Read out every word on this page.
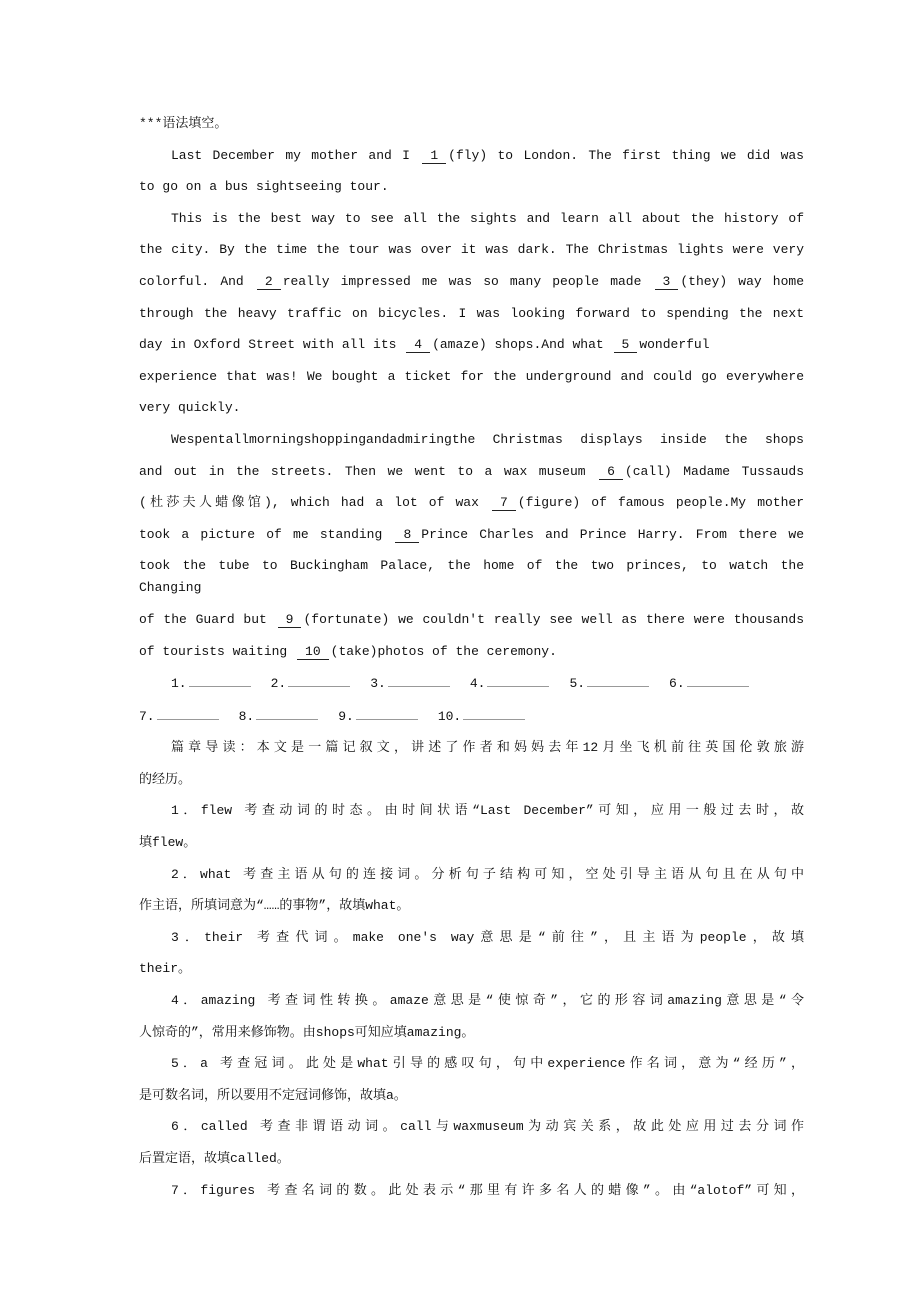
***语法填空。
Last December my mother and I 1 (fly) to London. The first thing we did was
to go on a bus sightseeing tour.
This is the best way to see all the sights and learn all about the history of
the city. By the time the tour was over it was dark. The Christmas lights were very
colorful. And 2 really impressed me was so many people made 3 (they) way home
through the heavy traffic on bicycles. I was looking forward to spending the next
day in Oxford Street with all its 4 (amaze) shops.And what 5 wonderful
experience that was! We bought a ticket for the underground and could go everywhere
very quickly.
Wespentallmorningshoppingandadmiringthe Christmas displays inside the shops
and out in the streets. Then we went to a wax museum 6 (call) Madame Tussauds
(杜莎夫人蜡像馆), which had a lot of wax 7 (figure) of famous people.My mother
took a picture of me standing 8 Prince Charles and Prince Harry. From there we
took the tube to Buckingham Palace, the home of the two princes, to watch the Changing
of the Guard but 9 (fortunate) we couldn't really see well as there were thousands
of tourists waiting 10 (take)photos of the ceremony.
1.	2.	3.	4.	5.	6.
7.	8.	9.	10.
篇章导读：本文是一篇记叙文，讲述了作者和妈妈去年12月坐飞机前往英国伦敦旅游
的经历。
1．flew 考查动词的时态。由时间状语“Last December”可知，应用一般过去时，故
填flew。
2．what 考查主语从句的连接词。分析句子结构可知，空处引导主语从句且在从句中
作主语，所填词意为“……的事物”，故填what。
3．their 考查代词。make one's way意思是“前往”，且主语为people，故填
their。
4．amazing 考查词性转换。amaze意思是“使惊奇”，它的形容词amazing意思是“令
人惊奇的”，常用来修饰物。由shops可知应填amazing。
5．a 考查冠词。此处是what引导的感叹句，句中experience作名词，意为“经历”，
是可数名词，所以要用不定冠词修饰，故填a。
6．called 考查非谓语动词。call与waxmuseum为动宾关系，故此处应用过去分词作
后置定语，故填called。
7．figures 考查名词的数。此处表示“那里有许多名人的蜡像”。由“alotof”可知，
